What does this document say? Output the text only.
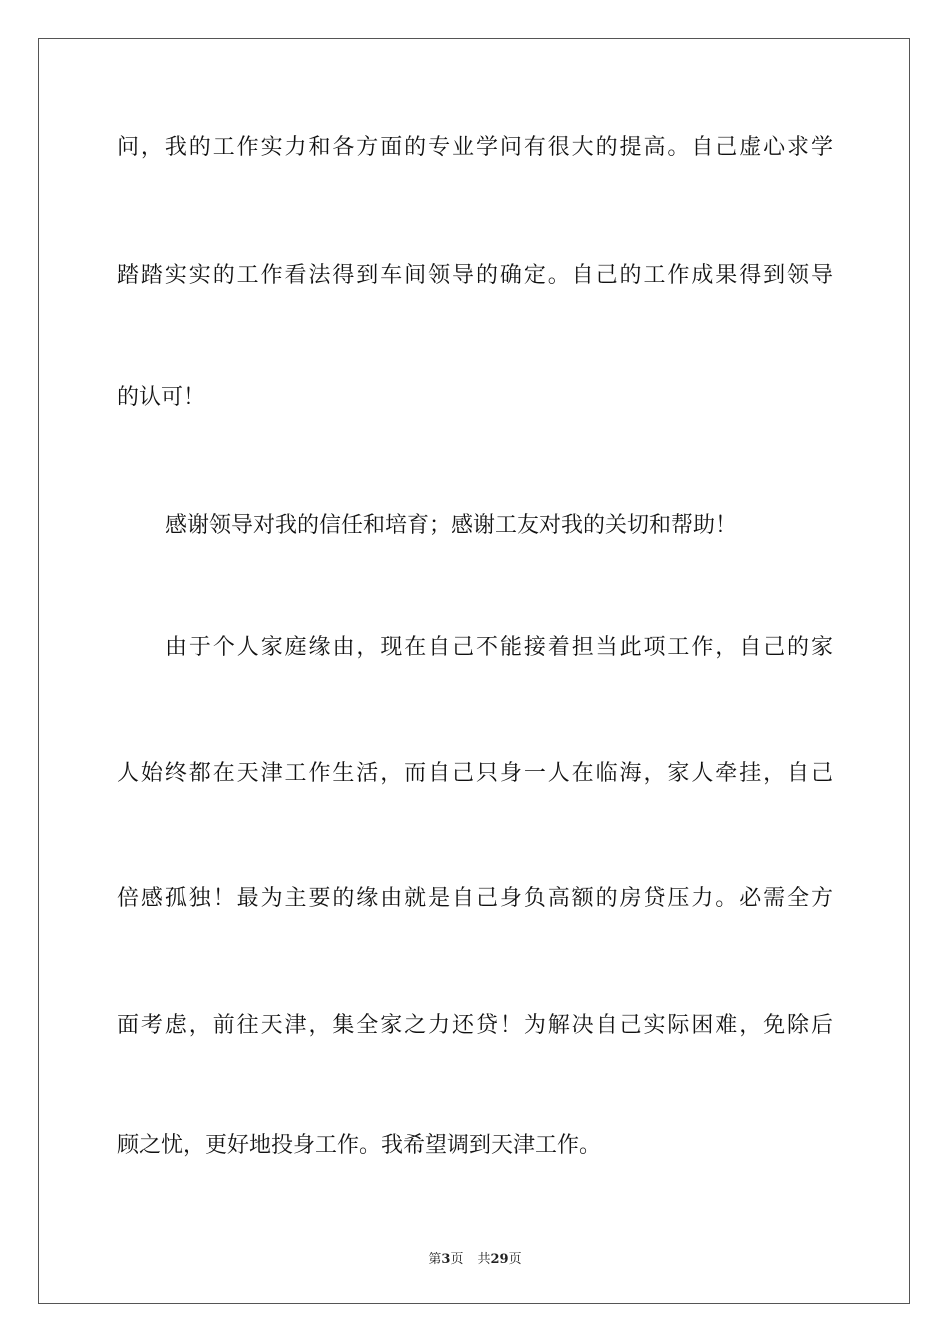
问，我的工作实力和各方面的专业学问有很大的提高。自己虚心求学
踏踏实实的工作看法得到车间领导的确定。自己的工作成果得到领导
的认可！
感谢领导对我的信任和培育；感谢工友对我的关切和帮助！
由于个人家庭缘由，现在自己不能接着担当此项工作，自己的家
人始终都在天津工作生活，而自己只身一人在临海，家人牵挂，自己
倍感孤独！最为主要的缘由就是自己身负高额的房贷压力。必需全方
面考虑，前往天津，集全家之力还贷！为解决自己实际困难，免除后
顾之忧，更好地投身工作。我希望调到天津工作。
第3页 共29页
